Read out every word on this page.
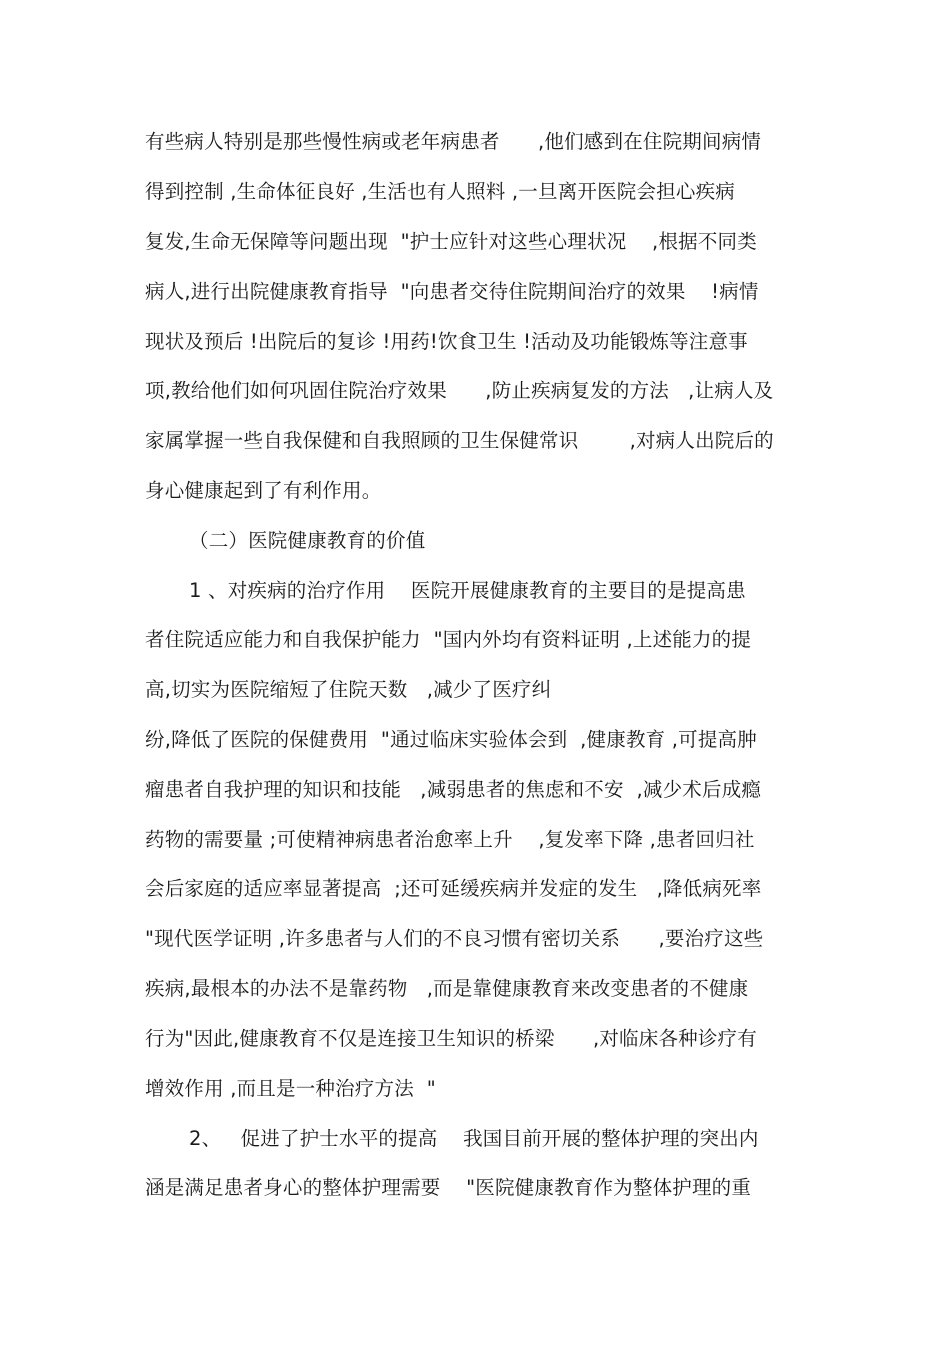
有些病人特别是那些慢性病或老年病患者      ,他们感到在住院期间病情
得到控制 ,生命体征良好 ,生活也有人照料 ,一旦离开医院会担心疾病
复发,生命无保障等问题出现  "护士应针对这些心理状况    ,根据不同类
病人,进行出院健康教育指导  "向患者交待住院期间治疗的效果    !病情
现状及预后 !出院后的复诊 !用药!饮食卫生 !活动及功能锻炼等注意事
项,教给他们如何巩固住院治疗效果      ,防止疾病复发的方法   ,让病人及
家属掌握一些自我保健和自我照顾的卫生保健常识        ,对病人出院后的
身心健康起到了有利作用。
（二）医院健康教育的价值
1 、对疾病的治疗作用    医院开展健康教育的主要目的是提高患
者住院适应能力和自我保护能力  "国内外均有资料证明 ,上述能力的提
高,切实为医院缩短了住院天数   ,减少了医疗纠
纷,降低了医院的保健费用  "通过临床实验体会到  ,健康教育 ,可提高肿
瘤患者自我护理的知识和技能   ,减弱患者的焦虑和不安  ,减少术后成瘾
药物的需要量 ;可使精神病患者治愈率上升    ,复发率下降 ,患者回归社
会后家庭的适应率显著提高  ;还可延缓疾病并发症的发生   ,降低病死率
"现代医学证明 ,许多患者与人们的不良习惯有密切关系      ,要治疗这些
疾病,最根本的办法不是靠药物   ,而是靠健康教育来改变患者的不健康
行为"因此,健康教育不仅是连接卫生知识的桥梁      ,对临床各种诊疗有
增效作用 ,而且是一种治疗方法  "
2、   促进了护士水平的提高    我国目前开展的整体护理的突出内
涵是满足患者身心的整体护理需要    "医院健康教育作为整体护理的重
